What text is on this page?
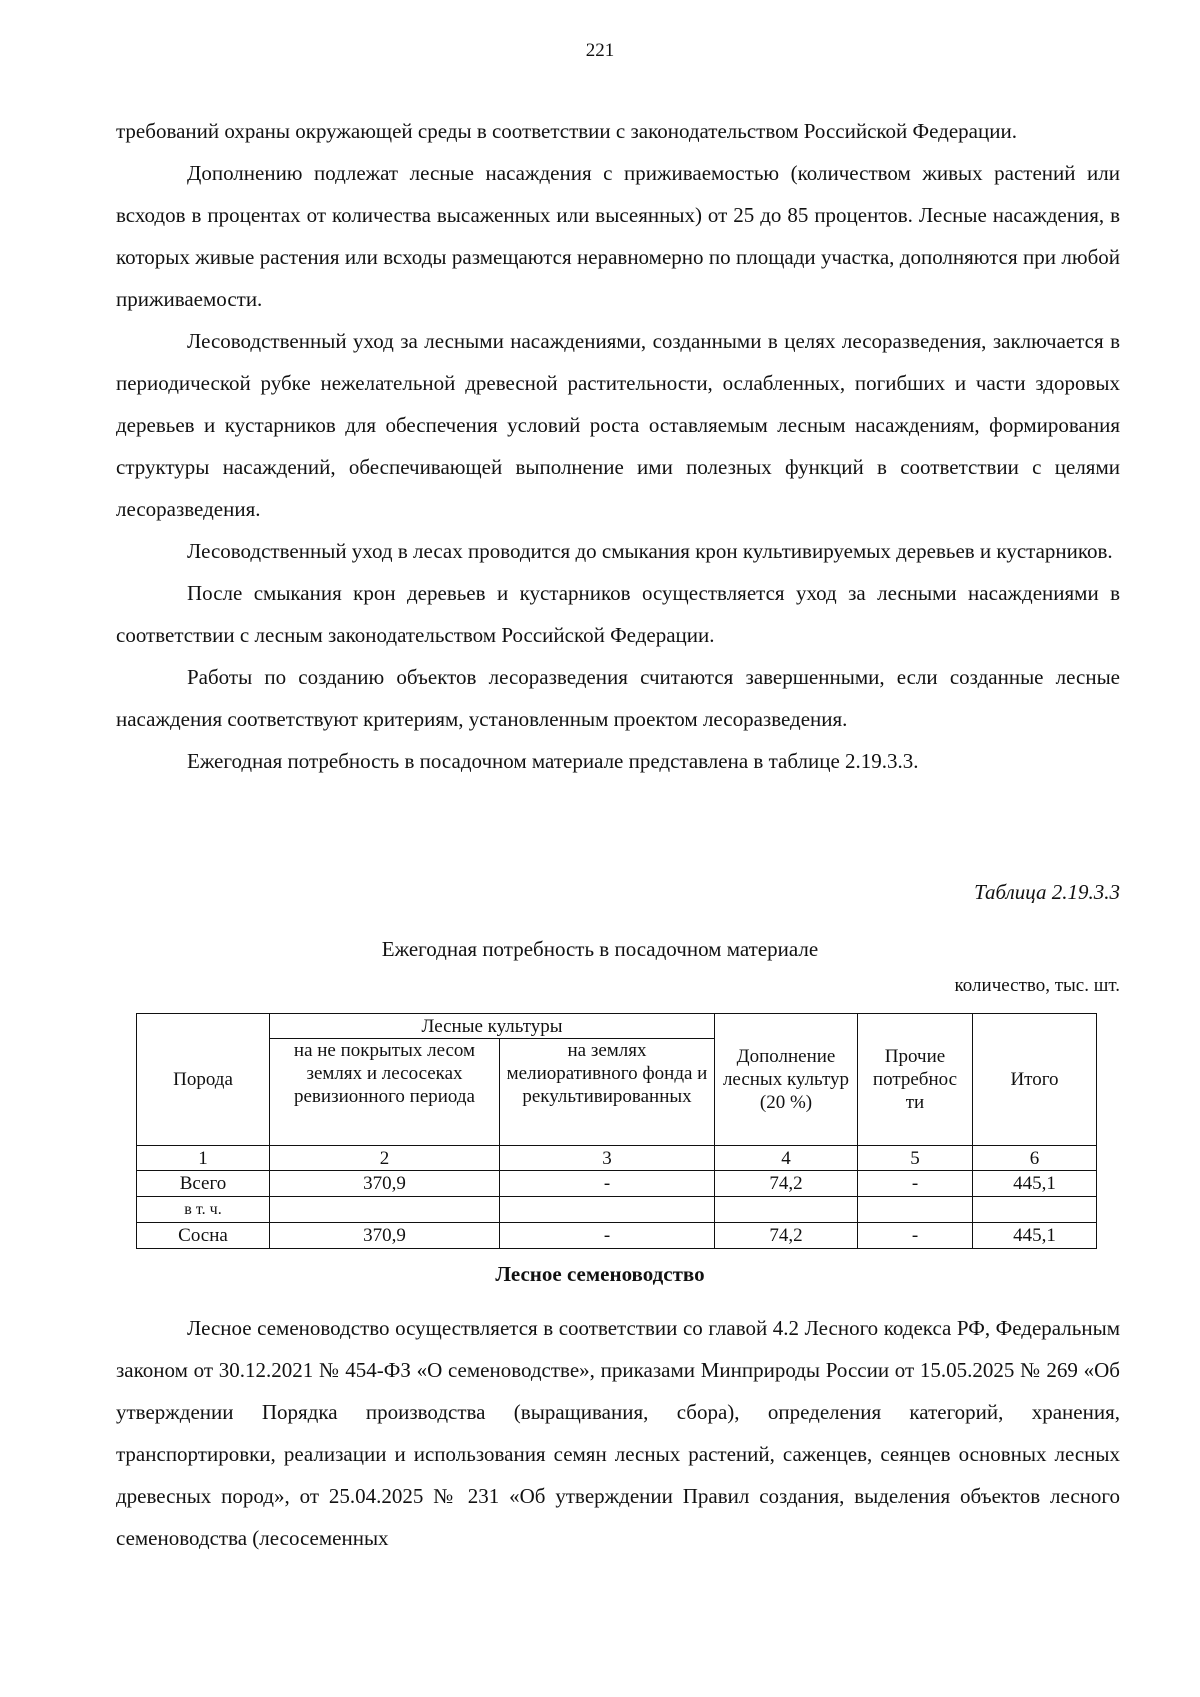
221

требований охраны окружающей среды в соответствии с законодательством Российской Федерации.

Дополнению подлежат лесные насаждения с приживаемостью (количеством живых растений или всходов в процентах от количества высаженных или высеянных) от 25 до 85 процентов. Лесные насаждения, в которых живые растения или всходы размещаются неравномерно по площади участка, дополняются при любой приживаемости.

Лесоводственный уход за лесными насаждениями, созданными в целях лесоразведения, заключается в периодической рубке нежелательной древесной растительности, ослабленных, погибших и части здоровых деревьев и кустарников для обеспечения условий роста оставляемым лесным насаждениям, формирования структуры насаждений, обеспечивающей выполнение ими полезных функций в соответствии с целями лесоразведения.

Лесоводственный уход в лесах проводится до смыкания крон культивируемых деревьев и кустарников.

После смыкания крон деревьев и кустарников осуществляется уход за лесными насаждениями в соответствии с лесным законодательством Российской Федерации.

Работы по созданию объектов лесоразведения считаются завершенными, если созданные лесные насаждения соответствуют критериям, установленным проектом лесоразведения.

Ежегодная потребность в посадочном материале представлена в таблице 2.19.3.3.

Таблица 2.19.3.3
Ежегодная потребность в посадочном материале
количество, тыс. шт.
Порода	Лесные культуры		Дополнение лесных культур (20 %)	Прочие потребнос ти	Итого
	на не покрытых лесом землях и лесосеках ревизионного периода	на землях мелиоративного фонда и рекультивированных			
1	2	3	4	5	6
Всего	370,9	-	74,2	-	445,1
в т. ч.					
Сосна	370,9	-	74,2	-	445,1
Лесное семеноводство

Лесное семеноводство осуществляется в соответствии со главой 4.2 Лесного кодекса РФ, Федеральным законом от 30.12.2021 № 454-ФЗ «О семеноводстве», приказами Минприроды России от 15.05.2025 № 269 «Об утверждении Порядка производства (выращивания, сбора), определения категорий, хранения, транспортировки, реализации и использования семян лесных растений, саженцев, сеянцев основных лесных древесных пород», от 25.04.2025 № 231 «Об утверждении Правил создания, выделения объектов лесного семеноводства (лесосеменных
